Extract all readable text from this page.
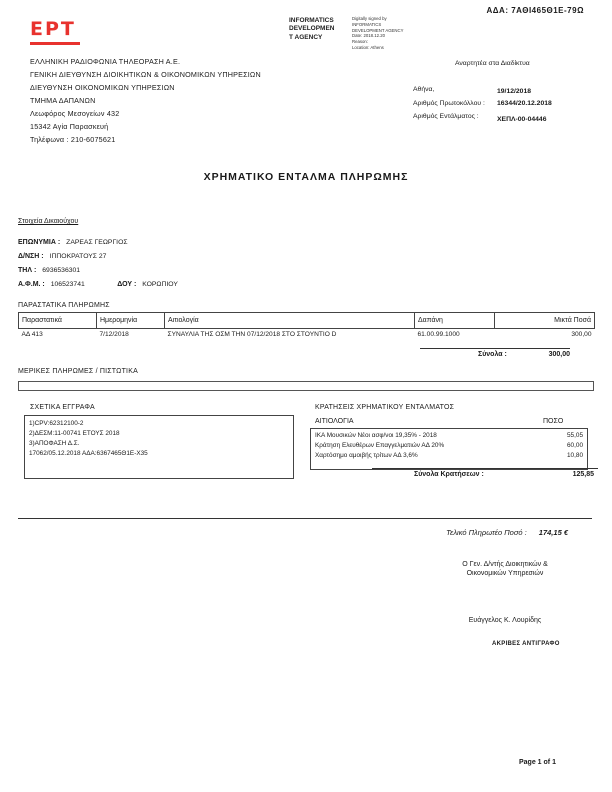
ΑΔΑ: 7ΑΘΙ465Θ1Ε-79Ω
ΕΡΤ	INFORMATICS
DEVELOPMEN
T AGENCY
Digitally signed by
INFORMATICS
DEVELOPMENT AGENCY
Date: 2018.12.20
Reason:
Location: Athens
ΕΛΛΗΝΙΚΗ ΡΑΔΙΟΦΩΝΙΑ ΤΗΛΕΟΡΑΣΗ Α.Ε.
ΓΕΝΙΚΗ ΔΙΕΥΘΥΝΣΗ ΔΙΟΙΚΗΤΙΚΩΝ & ΟΙΚΟΝΟΜΙΚΩΝ ΥΠΗΡΕΣΙΩΝ
ΔΙΕΥΘΥΝΣΗ ΟΙΚΟΝΟΜΙΚΩΝ ΥΠΗΡΕΣΙΩΝ
ΤΜΗΜΑ ΔΑΠΑΝΩΝ
Λεωφόρος Μεσογείων 432
15342 Αγία Παρασκευή
Τηλέφωνα : 210-6075621
Αναρτητέα στα Διαδίκτυα
Αθήνα,	19/12/2018
Αριθμός Πρωτοκόλλου : 16344/20.12.2018
Αριθμός Εντάλματος :	ΧΕΠΛ-00-04446
ΧΡΗΜΑΤΙΚΟ ΕΝΤΑΛΜΑ ΠΛΗΡΩΜΗΣ
Στοιχεία Δικαιούχου
ΕΠΩΝΥΜΙΑ : ΖΑΡΕΑΣ ΓΕΩΡΓΙΟΣ
Δ/ΝΣΗ : ΙΠΠΟΚΡΑΤΟΥΣ 27
ΤΗΛ : 6936536301
Α.Φ.Μ. : 106523741	ΔΟΥ : ΚΟΡΩΠΙΟΥ
ΠΑΡΑΣΤΑΤΙΚΑ ΠΛΗΡΩΜΗΣ
Παραστατικά	Ημερομηνία	Αιτιολογία	Δαπάνη	Μικτά Ποσά
ΑΔ 413	7/12/2018	ΣΥΝΑΥΛΙΑ ΤΗΣ ΟΣΜ ΤΗΝ 07/12/2018 ΣΤΟ ΣΤΟΥΝΤΙΟ D	61.00.99.1000	300,00
Σύνολα :	300,00
ΜΕΡΙΚΕΣ ΠΛΗΡΩΜΕΣ / ΠΙΣΤΩΤΙΚΑ
ΣΧΕΤΙΚΑ ΕΓΓΡΑΦΑ
1)CPV:62312100-2
2)ΔΕΣΜ:11-00741 ΕΤΟΥΣ 2018
3)ΑΠΟΦΑΣΗ Δ.Σ.
17062/05.12.2018 ΑΔΑ:6367465Θ1Ε-Χ35
ΚΡΑΤΗΣΕΙΣ ΧΡΗΜΑΤΙΚΟΥ ΕΝΤΑΛΜΑΤΟΣ
ΑΙΤΙΟΛΟΓΙΑ	ΠΟΣΟ
ΙΚΑ Μουσικών Νέοι ασφ/νοι 19,35% - 2018	55,05
Κράτηση Ελευθέρων Επαγγελματιών ΑΔ 20%	60,00
Χαρτόσημο αμοιβής τρίτων ΑΔ 3,6%	10,80
Σύνολα Κρατήσεων :	125,85
Τελικό Πληρωτέο Ποσό : 174,15 €
Ο Γεν. Δ/ντής Διοικητικών &
Οικονομικών Υπηρεσιών
Ευάγγελος Κ. Λουρίδης
ΑΚΡΙΒΕΣ ΑΝΤΙΓΡΑΦΟ
Page 1 of 1
